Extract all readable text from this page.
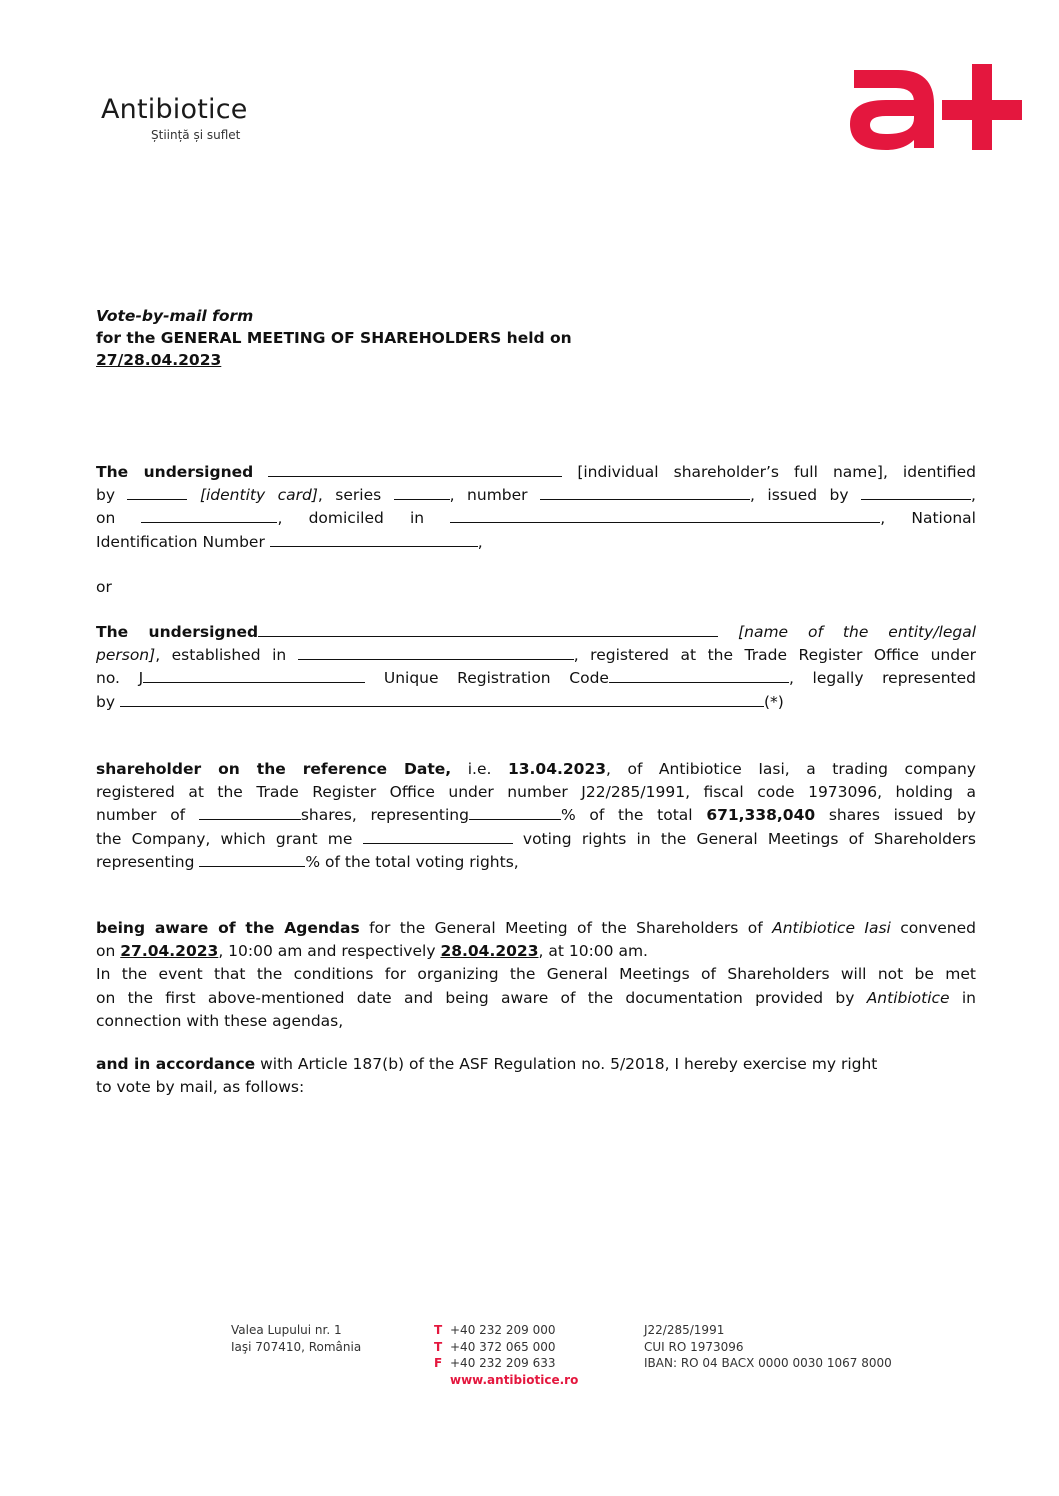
Antibiotice
Știință și suflet
Vote-by-mail form
for the GENERAL MEETING OF SHAREHOLDERS held on
27/28.04.2023
The undersigned	[individual shareholder’s full name], identified
by	[identity card], series	, number	, issued by	,
on	, domiciled in	, National
Identification Number	,
or
The undersigned	[name of the entity/legal
person], established in	, registered at the Trade Register Office under
no. J	Unique Registration Code	, legally represented
by	(*)
shareholder on the reference Date, i.e. 13.04.2023, of Antibiotice Iasi, a trading company
registered at the Trade Register Office under number J22/285/1991, fiscal code 1973096, holding a
number of	shares, representing	% of the total 671,338,040 shares issued by
the Company, which grant me	voting rights in the General Meetings of Shareholders
representing	% of the total voting rights,
being aware of the Agendas for the General Meeting of the Shareholders of Antibiotice Iasi convened
on 27.04.2023, 10:00 am and respectively 28.04.2023, at 10:00 am.
In the event that the conditions for organizing the General Meetings of Shareholders will not be met
on the first above-mentioned date and being aware of the documentation provided by Antibiotice in
connection with these agendas,
and in accordance with Article 187(b) of the ASF Regulation no. 5/2018, I hereby exercise my right
to vote by mail, as follows:
Valea Lupului nr. 1
Iaşi 707410, România
T +40 232 209 000
T +40 372 065 000
F +40 232 209 633
www.antibiotice.ro
J22/285/1991
CUI RO 1973096
IBAN: RO 04 BACX 0000 0030 1067 8000
